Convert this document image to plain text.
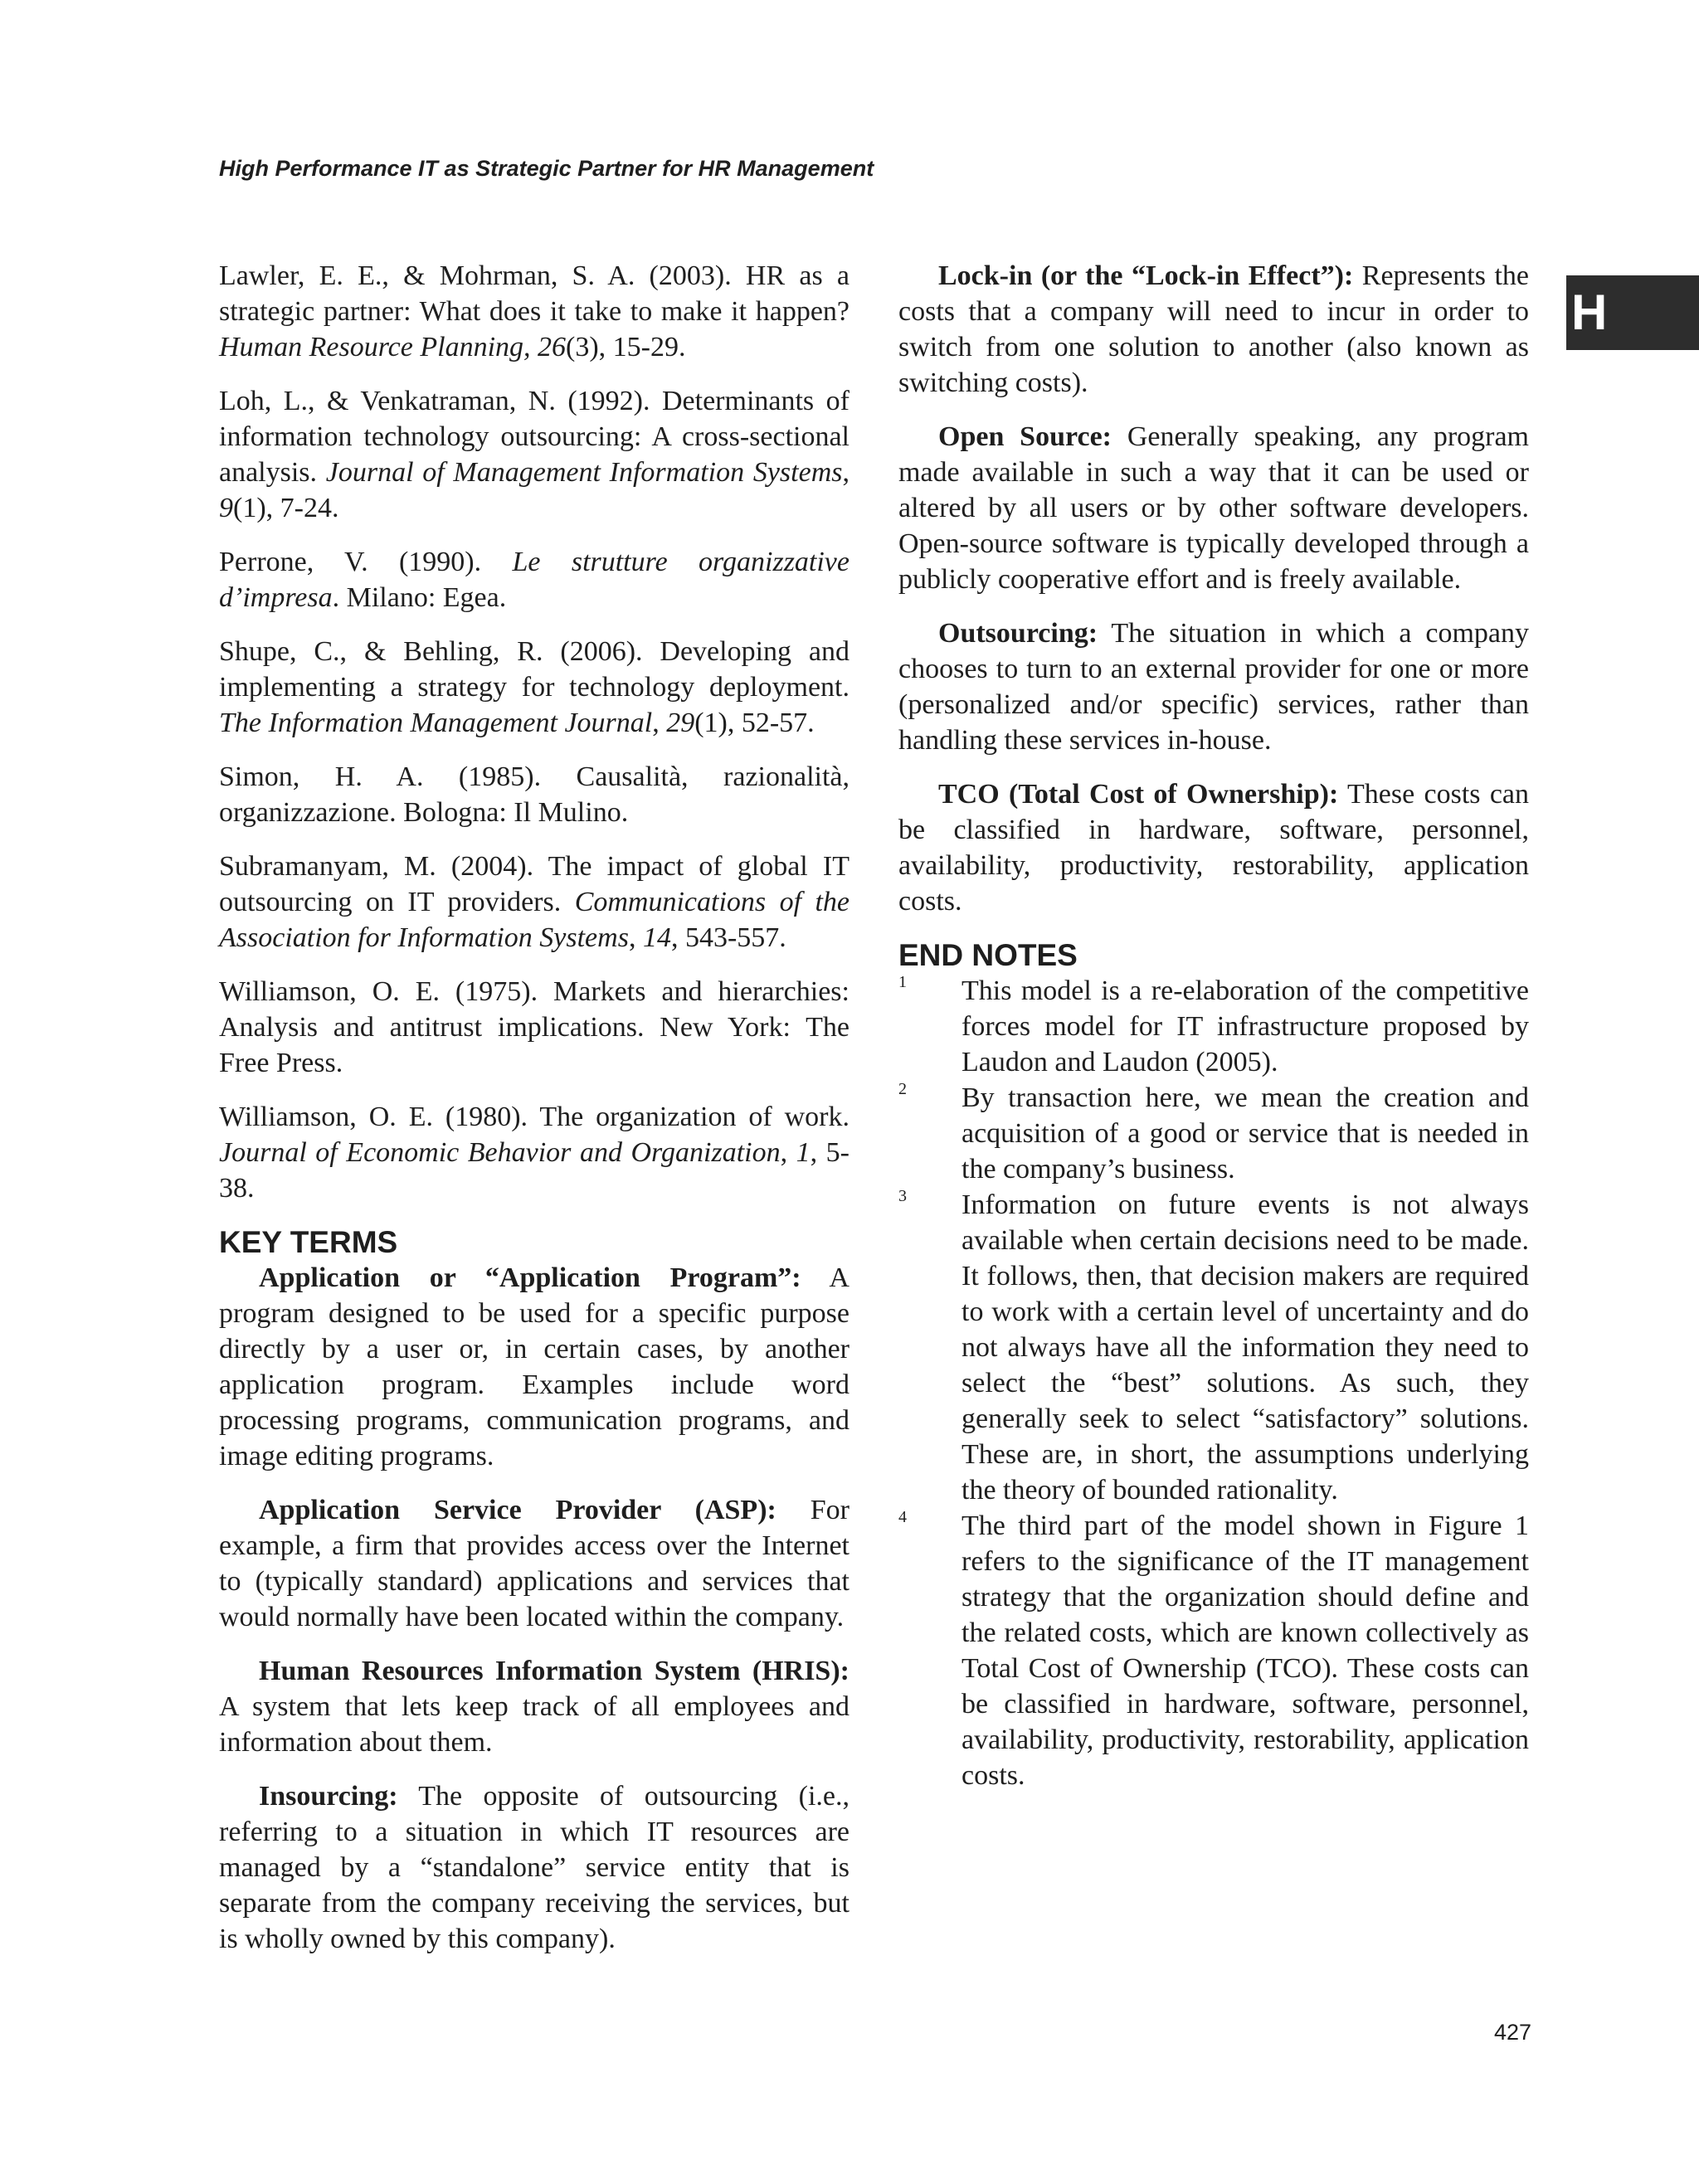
High Performance IT as Strategic Partner for HR Management
H

Lawler, E. E., & Mohrman, S. A. (2003). HR as a strategic partner: What does it take to make it happen? Human Resource Planning, 26(3), 15-29.

Loh, L., & Venkatraman, N. (1992). Determinants of information technology outsourcing: A cross-sectional analysis. Journal of Management Information Systems, 9(1), 7-24.

Perrone, V. (1990). Le strutture organizzative d’impresa. Milano: Egea.

Shupe, C., & Behling, R. (2006). Developing and implementing a strategy for technology deployment. The Information Management Journal, 29(1), 52-57.

Simon, H. A. (1985). Causalità, razionalità, organizzazione. Bologna: Il Mulino.

Subramanyam, M. (2004). The impact of global IT outsourcing on IT providers. Communications of the Association for Information Systems, 14, 543-557.

Williamson, O. E. (1975). Markets and hierarchies: Analysis and antitrust implications. New York: The Free Press.

Williamson, O. E. (1980). The organization of work. Journal of Economic Behavior and Organization, 1, 5-38.

KEY TERMS

Application or “Application Program”: A program designed to be used for a specific purpose directly by a user or, in certain cases, by another application program. Examples include word processing programs, communication programs, and image editing programs.

Application Service Provider (ASP): For example, a firm that provides access over the Internet to (typically standard) applications and services that would normally have been located within the company.

Human Resources Information System (HRIS): A system that lets keep track of all employees and information about them.

Insourcing: The opposite of outsourcing (i.e., referring to a situation in which IT resources are managed by a “standalone” service entity that is separate from the company receiving the services, but is wholly owned by this company).

Lock-in (or the “Lock-in Effect”): Represents the costs that a company will need to incur in order to switch from one solution to another (also known as switching costs).

Open Source: Generally speaking, any program made available in such a way that it can be used or altered by all users or by other software developers. Open-source software is typically developed through a publicly cooperative effort and is freely available.

Outsourcing: The situation in which a company chooses to turn to an external provider for one or more (personalized and/or specific) services, rather than handling these services in-house.

TCO (Total Cost of Ownership): These costs can be classified in hardware, software, personnel, availability, productivity, restorability, application costs.

END NOTES

1 This model is a re-elaboration of the competitive forces model for IT infrastructure proposed by Laudon and Laudon (2005).

2 By transaction here, we mean the creation and acquisition of a good or service that is needed in the company’s business.

3 Information on future events is not always available when certain decisions need to be made. It follows, then, that decision makers are required to work with a certain level of uncertainty and do not always have all the information they need to select the “best” solutions. As such, they generally seek to select “satisfactory” solutions. These are, in short, the assumptions underlying the theory of bounded rationality.

4 The third part of the model shown in Figure 1 refers to the significance of the IT management strategy that the organization should define and the related costs, which are known collectively as Total Cost of Ownership (TCO). These costs can be classified in hardware, software, personnel, availability, productivity, restorability, application costs.

427
